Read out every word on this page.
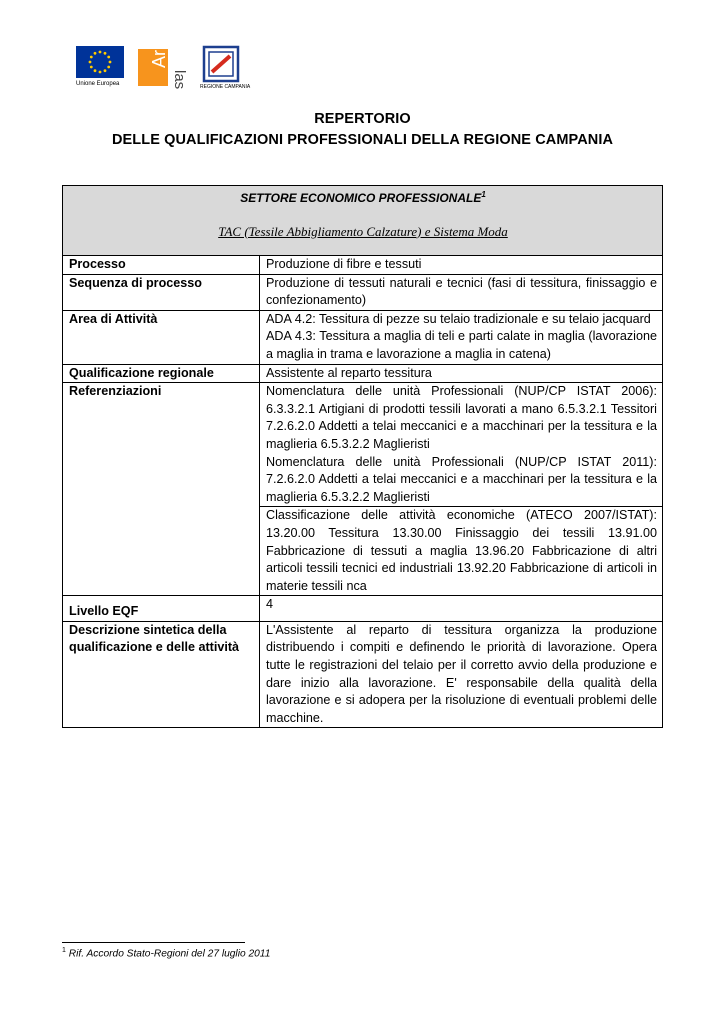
Unione Europea
Ar
las REGIONE CAMPANIA
REPERTORIO
DELLE QUALIFICAZIONI PROFESSIONALI DELLA REGIONE CAMPANIA
SETTORE ECONOMICO PROFESSIONALE$^1$
TAC (Tessile Abbigliamento Calzature) e Sistema Moda	

Processo	Produzione di fibre e tessuti
Sequenza di processo	Produzione di tessuti naturali e tecnici (fasi di tessitura, finissaggio e confezionamento)
Area di Attività	ADA 4.2: Tessitura di pezze su telaio tradizionale e su telaio jacquard

ADA 4.3: Tessitura a maglia di teli e parti calate in maglia (lavorazione a maglia in trama e lavorazione a maglia in catena)

Qualificazione regionale	Assistente al reparto tessitura
Referenziazioni	Nomenclatura delle unità Professionali (NUP/CP ISTAT 2006): 6.3.3.2.1 Artigiani di prodotti tessili lavorati a mano 6.5.3.2.1 Tessitori 7.2.6.2.0 Addetti a telai meccanici e a macchinari per la tessitura e la maglieria 6.5.3.2.2 Maglieristi

Nomenclatura delle unità Professionali (NUP/CP ISTAT 2011): 7.2.6.2.0 Addetti a telai meccanici e a macchinari per la tessitura e la maglieria 6.5.3.2.2 Maglieristi

	Classificazione delle attività economiche (ATECO 2007/ISTAT): 13.20.00 Tessitura 13.30.00 Finissaggio dei tessili 13.91.00 Fabbricazione di tessuti a maglia 13.96.20 Fabbricazione di altri articoli tessili tecnici ed industriali 13.92.20 Fabbricazione di articoli in materie tessili nca
Livello EQF	4
Descrizione sintetica della qualificazione e delle attività	L'Assistente al reparto di tessitura organizza la produzione distribuendo i compiti e definendo le priorità di lavorazione. Opera tutte le registrazioni del telaio per il corretto avvio della produzione e dare inizio alla lavorazione. E' responsabile della qualità della lavorazione e si adopera per la risoluzione di eventuali problemi delle macchine.
$^1$ Rif. Accordo Stato-Regioni del 27 luglio 2011
